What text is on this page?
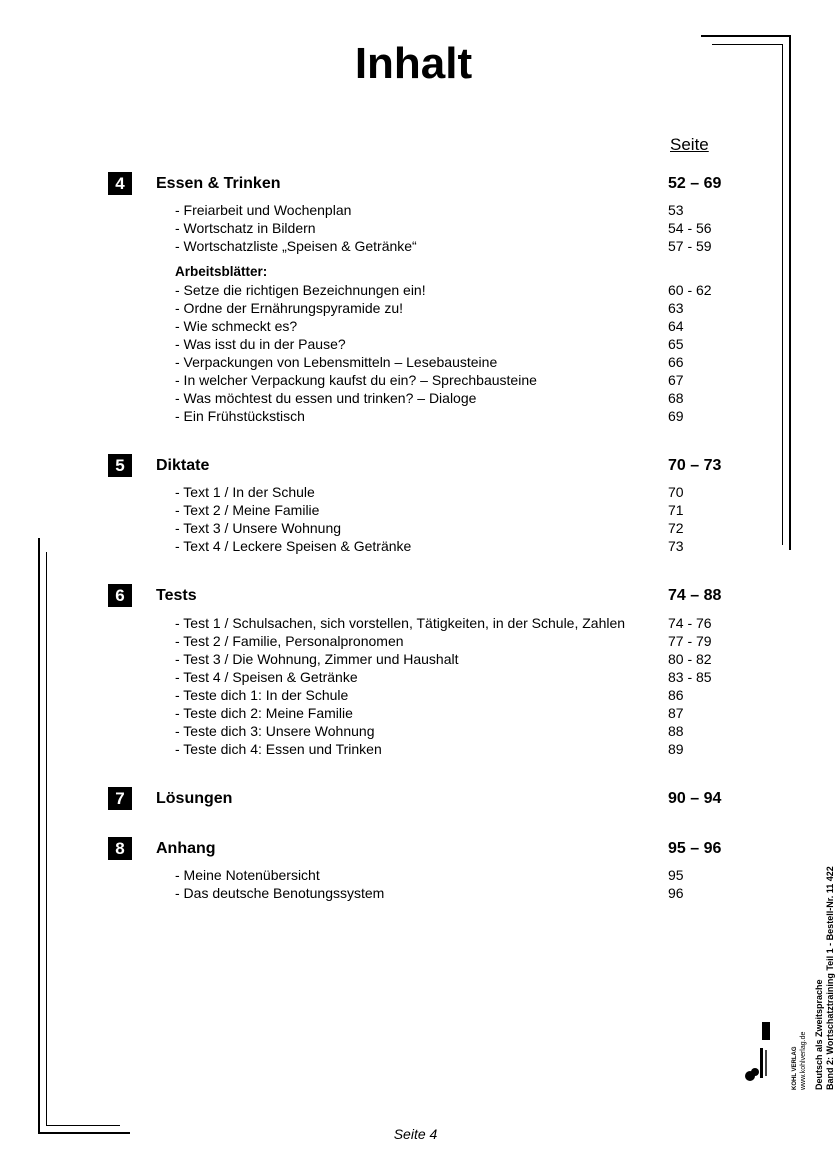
Inhalt
Seite
4	Essen & Trinken	52 – 69
- Freiarbeit und Wochenplan	53
- Wortschatz in Bildern	54 - 56
- Wortschatzliste „Speisen & Getränke“	57 - 59
Arbeitsblätter:
- Setze die richtigen Bezeichnungen ein!	60 - 62
- Ordne der Ernährungspyramide zu!	63
- Wie schmeckt es?	64
- Was isst du in der Pause?	65
- Verpackungen von Lebensmitteln – Lesebausteine	66
- In welcher Verpackung kaufst du ein? – Sprechbausteine	67
- Was möchtest du essen und trinken? – Dialoge	68
- Ein Frühstückstisch	69
5	Diktate	70 – 73
- Text 1 / In der Schule	70
- Text 2 / Meine Familie	71
- Text 3 / Unsere Wohnung	72
- Text 4 / Leckere Speisen & Getränke	73
6	Tests	74 – 88
- Test 1 / Schulsachen, sich vorstellen, Tätigkeiten, in der Schule, Zahlen	74 - 76
- Test 2 / Familie, Personalpronomen	77 - 79
- Test 3 / Die Wohnung, Zimmer und Haushalt	80 - 82
- Test 4 / Speisen & Getränke	83 - 85
- Teste dich 1: In der Schule	86
- Teste dich 2: Meine Familie	87
- Teste dich 3: Unsere Wohnung	88
- Teste dich 4: Essen und Trinken	89
7	Lösungen	90 – 94
8	Anhang	95 – 96
- Meine Notenübersicht	95
- Das deutsche Benotungssystem	96
KOHL VERLAG www.kohlverlag.de Deutsch als Zweitsprache Band 2: Wortschatztraining Teil 1 - Bestell-Nr. 11 422
Seite 4
